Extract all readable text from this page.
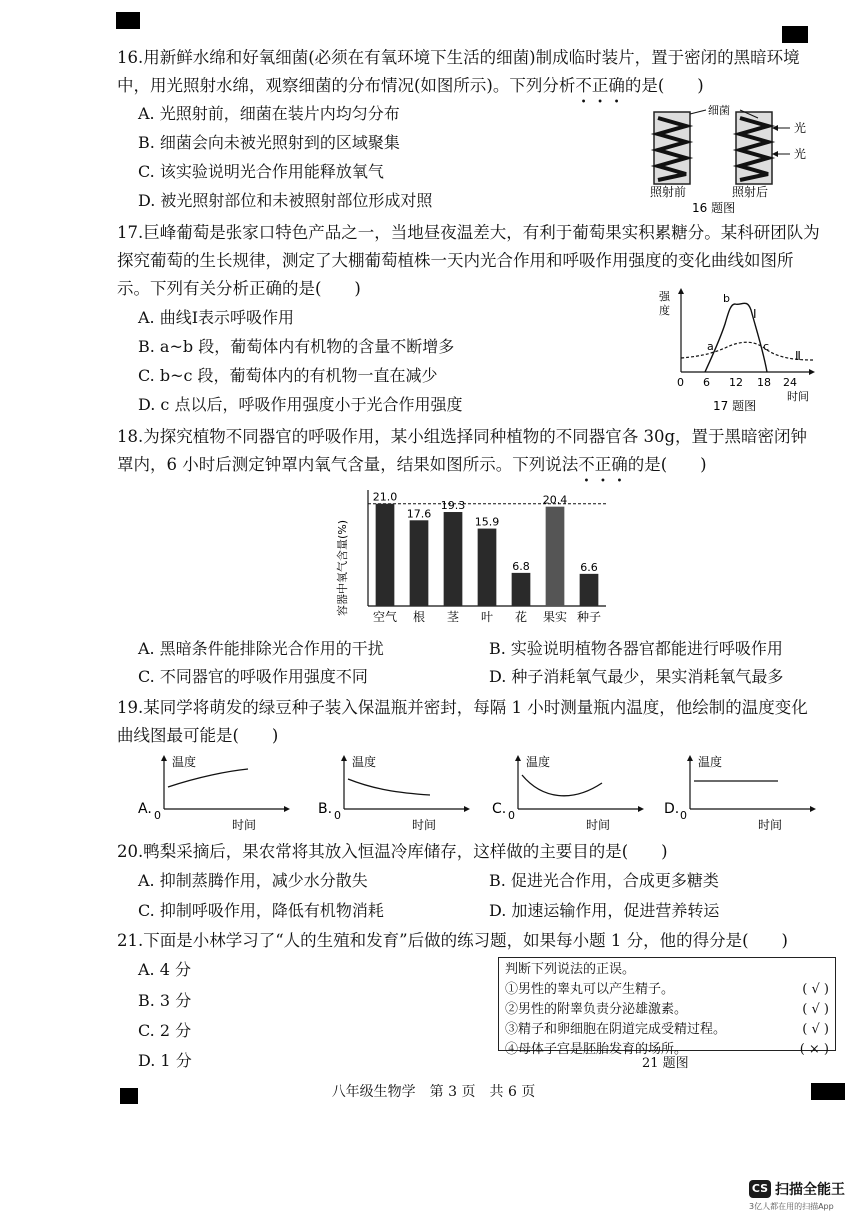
16.用新鲜水绵和好氧细菌(必须在有氧环境下生活的细菌)制成临时装片，置于密闭的黑暗环境中，用光照射水绵，观察细菌的分布情况(如图所示)。下列分析不正确的是(　　)
A. 光照射前，细菌在装片内均匀分布
B. 细菌会向未被光照射到的区域聚集
C. 该实验说明光合作用能释放氧气
D. 被光照射部位和未被照射部位形成对照
细菌
光
光
照射前	照射后
16 题图
17.巨峰葡萄是张家口特色产品之一，当地昼夜温差大，有利于葡萄果实积累糖分。某科研团队为探究葡萄的生长规律，测定了大棚葡萄植株一天内光合作用和呼吸作用强度的变化曲线如图所示。下列有关分析正确的是(　　)
A. 曲线Ⅰ表示呼吸作用
B. a~b 段，葡萄体内有机物的含量不断增多
C. b~c 段，葡萄体内的有机物一直在减少
D. c 点以后，呼吸作用强度小于光合作用强度
强
度
a
b
c
Ⅰ
Ⅱ
0 6 12 18 24
时间
17 题图
18.为探究植物不同器官的呼吸作用，某小组选择同种植物的不同器官各 30g，置于黑暗密闭钟罩内，6 小时后测定钟罩内氧气含量，结果如图所示。下列说法不正确的是(　　)
容器中氧气含量(%)
21.0
空气
17.6
根
19.3
茎
15.9
叶
6.8
花
20.4
果实
6.6
种子
A. 黑暗条件能排除光合作用的干扰	B. 实验说明植物各器官都能进行呼吸作用
C. 不同器官的呼吸作用强度不同	D. 种子消耗氧气最少，果实消耗氧气最多
19.某同学将萌发的绿豆种子装入保温瓶并密封，每隔 1 小时测量瓶内温度，他绘制的温度变化曲线图最可能是(　　)
温度
A. 0
时间
温度
B. 0
时间
温度
C. 0
时间
温度
D. 0
时间
20.鸭梨采摘后，果农常将其放入恒温冷库储存，这样做的主要目的是(　　)
A. 抑制蒸腾作用，减少水分散失	B. 促进光合作用，合成更多糖类
C. 抑制呼吸作用，降低有机物消耗	D. 加速运输作用，促进营养转运
21.下面是小林学习了“人的生殖和发育”后做的练习题，如果每小题 1 分，他的得分是(　　)
A. 4 分
B. 3 分
C. 2 分
D. 1 分
判断下列说法的正误。
①男性的睾丸可以产生精子。	( √ )
②男性的附睾负责分泌雄激素。	( √ )
③精子和卵细胞在阴道完成受精过程。	( √ )
④母体子宫是胚胎发育的场所。	( × )
21 题图
八年级生物学　第 3 页　共 6 页
CS 扫描全能王
3亿人都在用的扫描App
